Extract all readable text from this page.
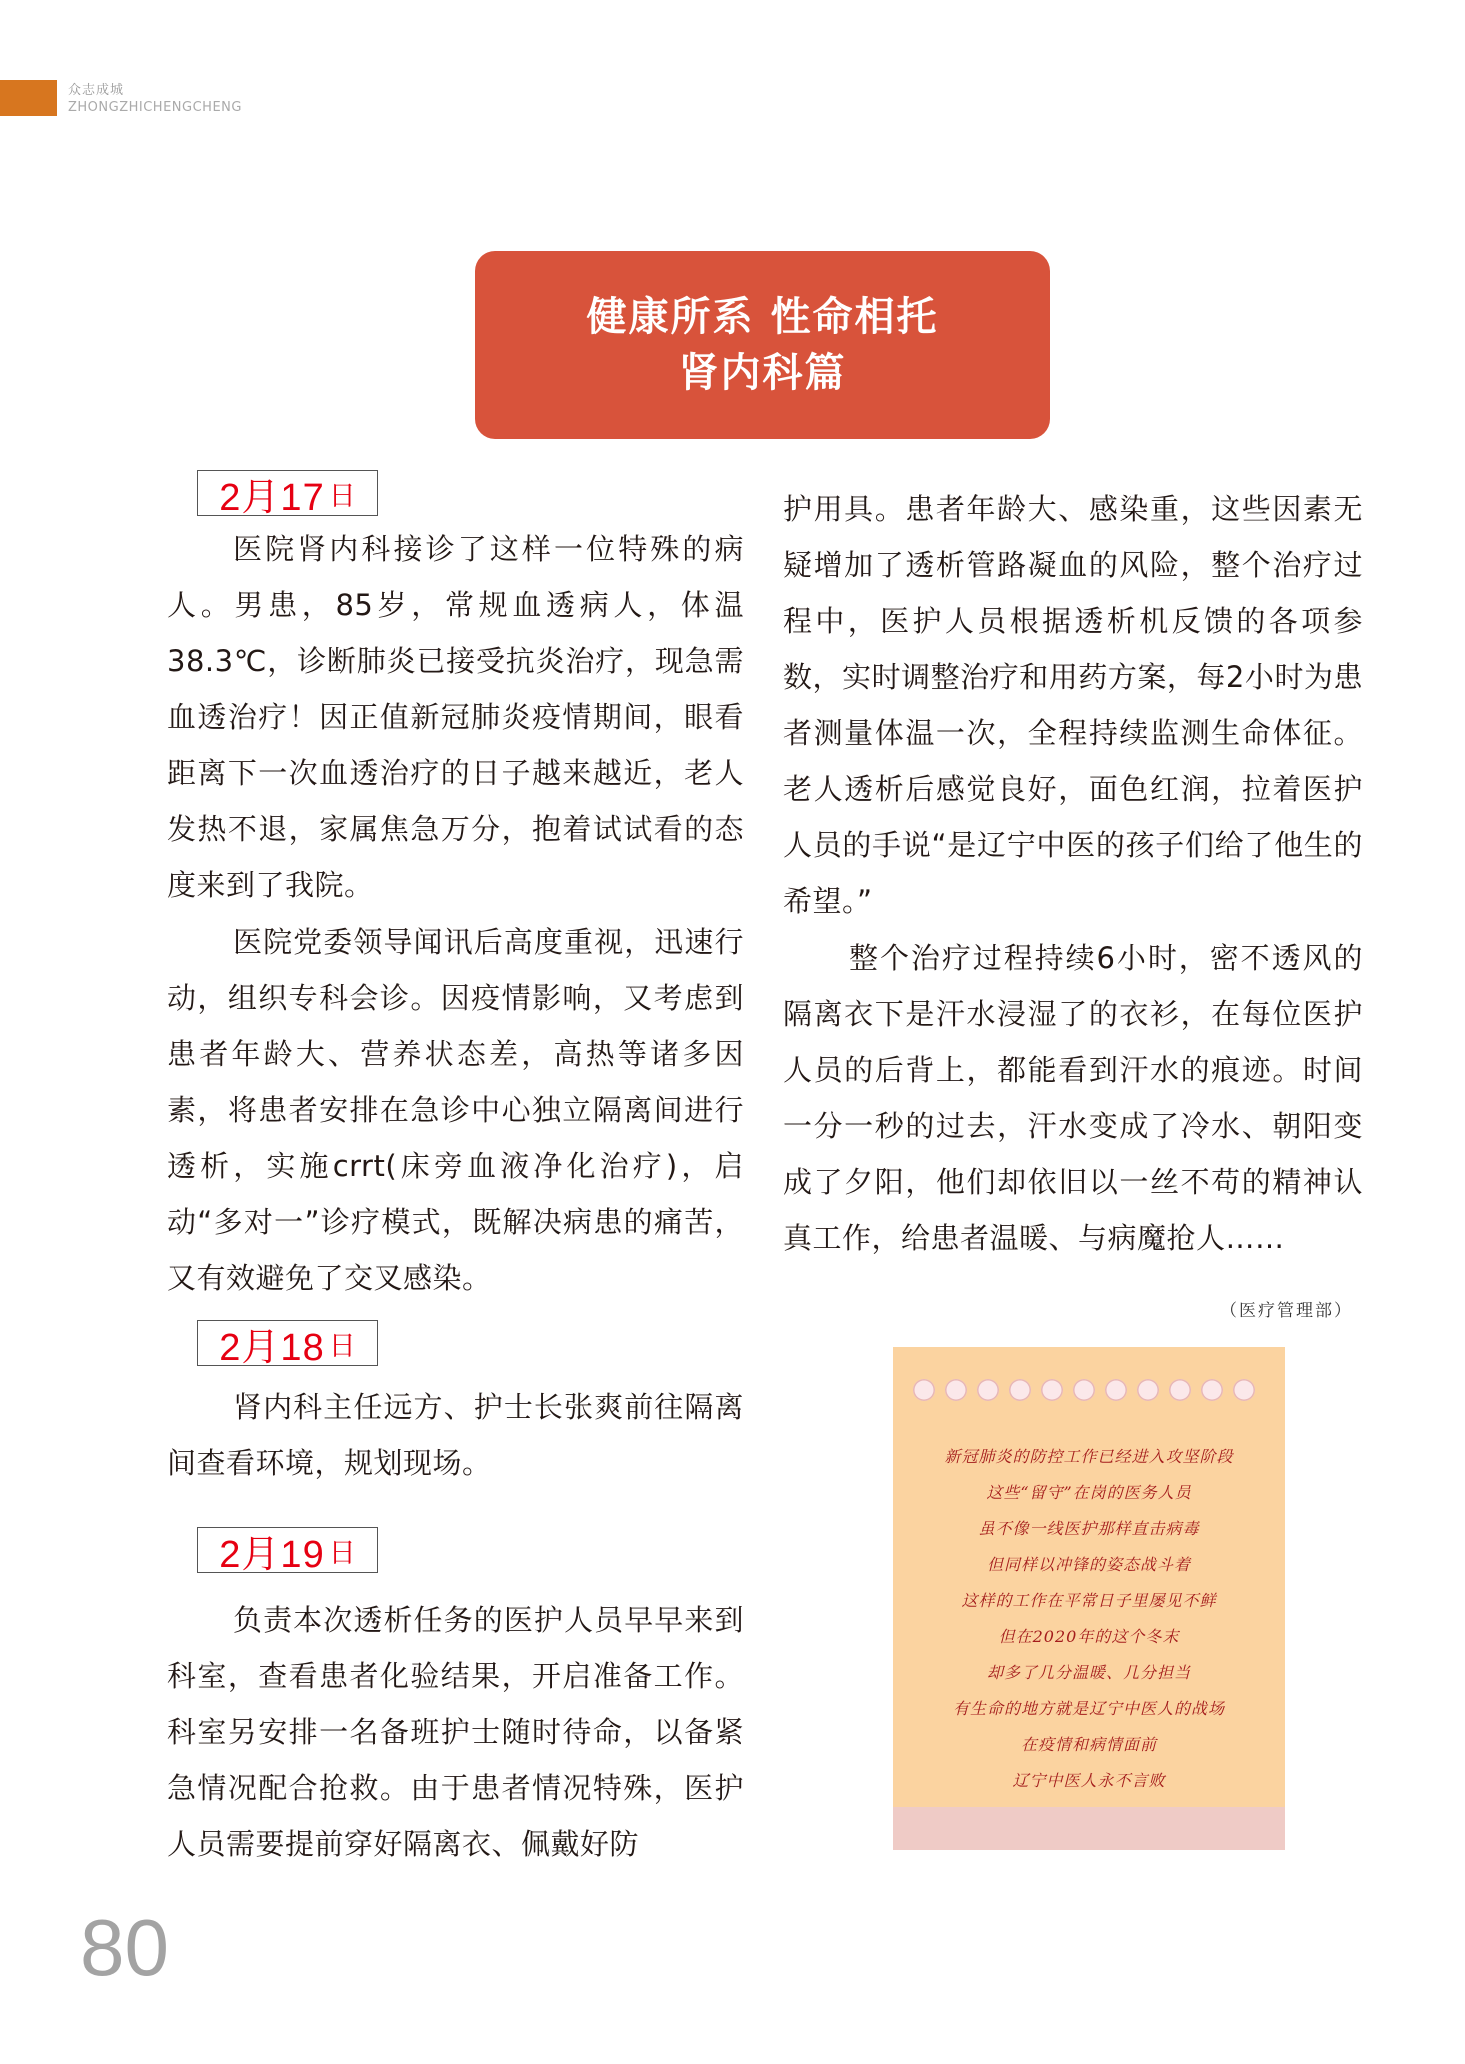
众志成城
ZHONGZHICHENGCHENG
健康所系 性命相托
肾内科篇
2月17 日

医院肾内科接诊了这样一位特殊的病人。男患，85岁，常规血透病人，体温38.3℃，诊断肺炎已接受抗炎治疗，现急需血透治疗！因正值新冠肺炎疫情期间，眼看距离下一次血透治疗的日子越来越近，老人发热不退，家属焦急万分，抱着试试看的态度来到了我院。

医院党委领导闻讯后高度重视，迅速行动，组织专科会诊。因疫情影响，又考虑到患者年龄大、营养状态差，高热等诸多因素，将患者安排在急诊中心独立隔离间进行透析，实施crrt(床旁血液净化治疗)，启动“多对一”诊疗模式，既解决病患的痛苦，又有效避免了交叉感染。

2月18 日

肾内科主任远方、护士长张爽前往隔离间查看环境，规划现场。

2月19 日

负责本次透析任务的医护人员早早来到科室，查看患者化验结果，开启准备工作。科室另安排一名备班护士随时待命，以备紧急情况配合抢救。由于患者情况特殊，医护人员需要提前穿好隔离衣、佩戴好防

护用具。患者年龄大、感染重，这些因素无疑增加了透析管路凝血的风险，整个治疗过程中，医护人员根据透析机反馈的各项参数，实时调整治疗和用药方案，每2小时为患者测量体温一次，全程持续监测生命体征。老人透析后感觉良好，面色红润，拉着医护人员的手说“是辽宁中医的孩子们给了他生的希望。”

整个治疗过程持续6小时，密不透风的隔离衣下是汗水浸湿了的衣衫，在每位医护人员的后背上，都能看到汗水的痕迹。时间一分一秒的过去，汗水变成了冷水、朝阳变成了夕阳，他们却依旧以一丝不苟的精神认真工作，给患者温暖、与病魔抢人……

（医疗管理部）
新冠肺炎的防控工作已经进入攻坚阶段
这些“留守”在岗的医务人员
虽不像一线医护那样直击病毒
但同样以冲锋的姿态战斗着
这样的工作在平常日子里屡见不鲜
但在2020年的这个冬末
却多了几分温暖、几分担当
有生命的地方就是辽宁中医人的战场
在疫情和病情面前
辽宁中医人永不言败
80
